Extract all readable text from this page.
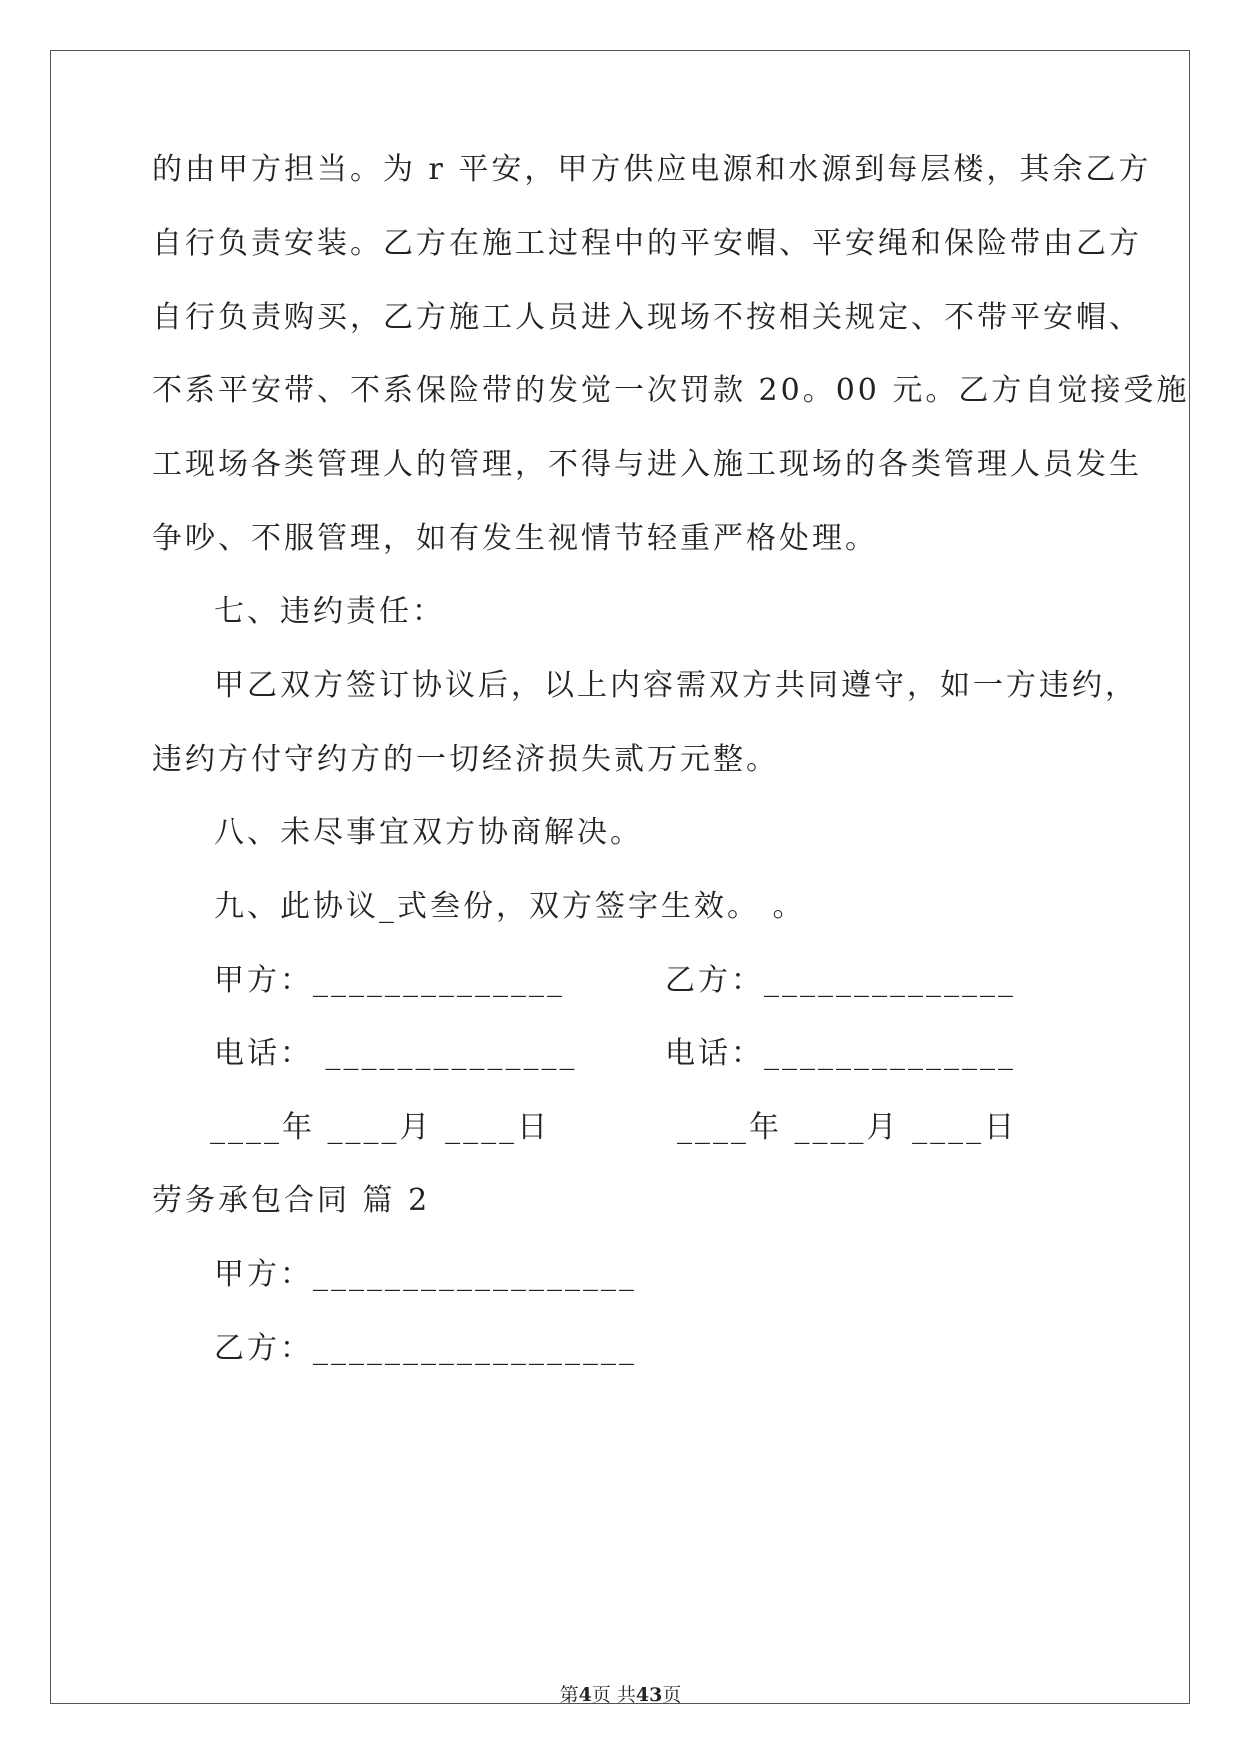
的由甲方担当。为 r 平安，甲方供应电源和水源到每层楼，其余乙方

自行负责安装。乙方在施工过程中的平安帽、平安绳和保险带由乙方

自行负责购买，乙方施工人员进入现场不按相关规定、不带平安帽、

不系平安带、不系保险带的发觉一次罚款 20。00 元。乙方自觉接受施

工现场各类管理人的管理，不得与进入施工现场的各类管理人员发生

争吵、不服管理，如有发生视情节轻重严格处理。

七、违约责任：

甲乙双方签订协议后，以上内容需双方共同遵守，如一方违约，

违约方付守约方的一切经济损失贰万元整。

八、未尽事宜双方协商解决。

九、此协议_式叁份，双方签字生效。 。

甲方：______________	乙方：______________

电话： ______________	电话：______________

____年 ____月 ____日	____年 ____月 ____日

劳务承包合同 篇 2

甲方：__________________

乙方：__________________

第4页 共43页
